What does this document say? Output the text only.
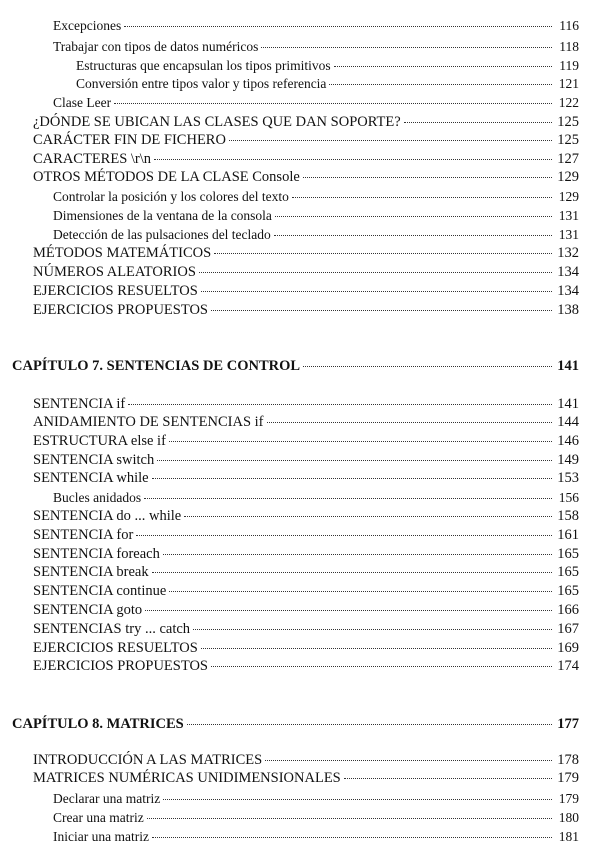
Excepciones	116
Trabajar con tipos de datos numéricos	118
Estructuras que encapsulan los tipos primitivos	119
Conversión entre tipos valor y tipos referencia	121
Clase Leer	122
¿DÓNDE SE UBICAN LAS CLASES QUE DAN SOPORTE?	125
CARÁCTER FIN DE FICHERO	125
CARACTERES \r\n	127
OTROS MÉTODOS DE LA CLASE Console	129
Controlar la posición y los colores del texto	129
Dimensiones de la ventana de la consola	131
Detección de las pulsaciones del teclado	131
MÉTODOS MATEMÁTICOS	132
NÚMEROS ALEATORIOS	134
EJERCICIOS RESUELTOS	134
EJERCICIOS PROPUESTOS	138
CAPÍTULO 7. SENTENCIAS DE CONTROL	141
SENTENCIA if	141
ANIDAMIENTO DE SENTENCIAS if	144
ESTRUCTURA else if	146
SENTENCIA switch	149
SENTENCIA while	153
Bucles anidados	156
SENTENCIA do ... while	158
SENTENCIA for	161
SENTENCIA foreach	165
SENTENCIA break	165
SENTENCIA continue	165
SENTENCIA goto	166
SENTENCIAS try ... catch	167
EJERCICIOS RESUELTOS	169
EJERCICIOS PROPUESTOS	174
CAPÍTULO 8. MATRICES	177
INTRODUCCIÓN A LAS MATRICES	178
MATRICES NUMÉRICAS UNIDIMENSIONALES	179
Declarar una matriz	179
Crear una matriz	180
Iniciar una matriz	181
